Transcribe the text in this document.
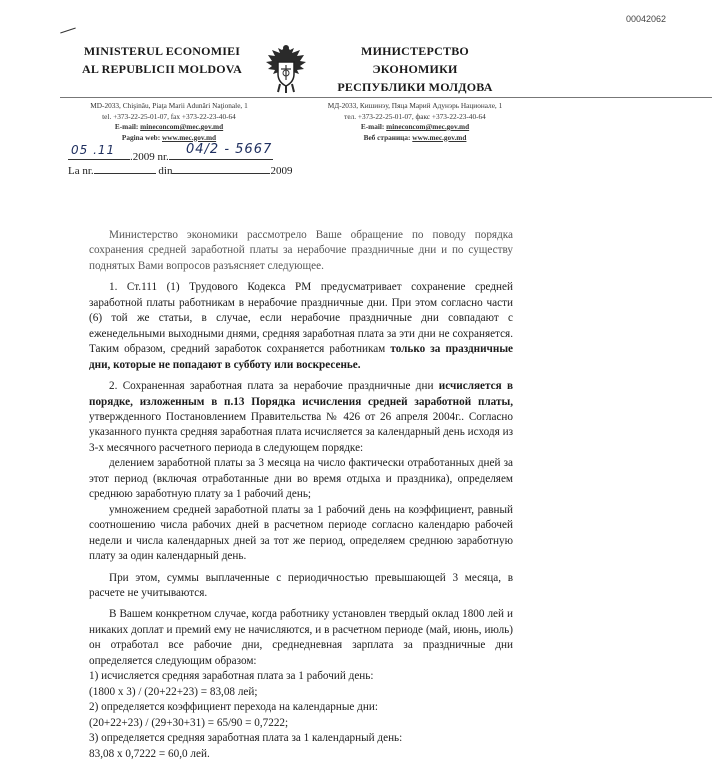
00042062
MINISTERUL ECONOMIEI
AL REPUBLICII MOLDOVA
МИНИСТЕРСТВО ЭКОНОМИКИ
РЕСПУБЛИКИ МОЛДОВА
MD-2033, Chişinău, Piaţa Marii Adunări Naţionale, 1
tel. +373-22-25-01-07, fax +373-22-23-40-64
E-mail: mineconcom@mec.gov.md
Pagina web: www.mec.gov.md
МД-2033, Кишинэу, Пяца Марий Адунэрь Национале, 1
тел. +373-22-25-01-07, факс +373-22-23-40-64
E-mail: mineconcom@mec.gov.md
Веб страница: www.mec.gov.md
.2009 nr.
05 .11	04/2 - 5667
La nr.	din	2009

Министерство экономики рассмотрело Ваше обращение по поводу порядка сохранения средней заработной платы за нерабочие праздничные дни и по существу поднятых Вами вопросов разъясняет следующее.

1. Ст.111 (1) Трудового Кодекса РМ предусматривает сохранение средней заработной платы работникам в нерабочие праздничные дни. При этом согласно части (6) той же статьи, в случае, если нерабочие праздничные дни совпадают с еженедельными выходными днями, средняя заработная плата за эти дни не сохраняется. Таким образом, средний заработок сохраняется работникам только за праздничные дни, которые не попадают в субботу или воскресенье.

2. Сохраненная заработная плата за нерабочие праздничные дни исчисляется в порядке, изложенным в п.13 Порядка исчисления средней заработной платы, утвержденного Постановлением Правительства № 426 от 26 апреля 2004г.. Согласно указанного пункта средняя заработная плата исчисляется за календарный день исходя из 3-х месячного расчетного периода в следующем порядке:

делением заработной платы за 3 месяца на число фактически отработанных дней за этот период (включая отработанные дни во время отдыха и праздника), определяем среднюю заработную плату за 1 рабочий день;

умножением средней заработной платы за 1 рабочий день на коэффициент, равный соотношению числа рабочих дней в расчетном периоде согласно календарю рабочей недели и числа календарных дней за тот же период, определяем среднюю заработную плату за один календарный день.

При этом, суммы выплаченные с периодичностью превышающей 3 месяца, в расчете не учитываются.

В Вашем конкретном случае, когда работнику установлен твердый оклад 1800 лей и никаких доплат и премий ему не начисляются, и в расчетном периоде (май, июнь, июль) он отработал все рабочие дни, среднедневная зарплата за праздничные дни определяется следующим образом:

1) исчисляется средняя заработная плата за 1 рабочий день:

(1800 х 3) / (20+22+23) = 83,08 лей;

2) определяется коэффициент перехода на календарные дни:

(20+22+23) / (29+30+31) = 65/90 = 0,7222;

3) определяется средняя заработная плата за 1 календарный день:

83,08 х 0,7222 = 60,0 лей.
